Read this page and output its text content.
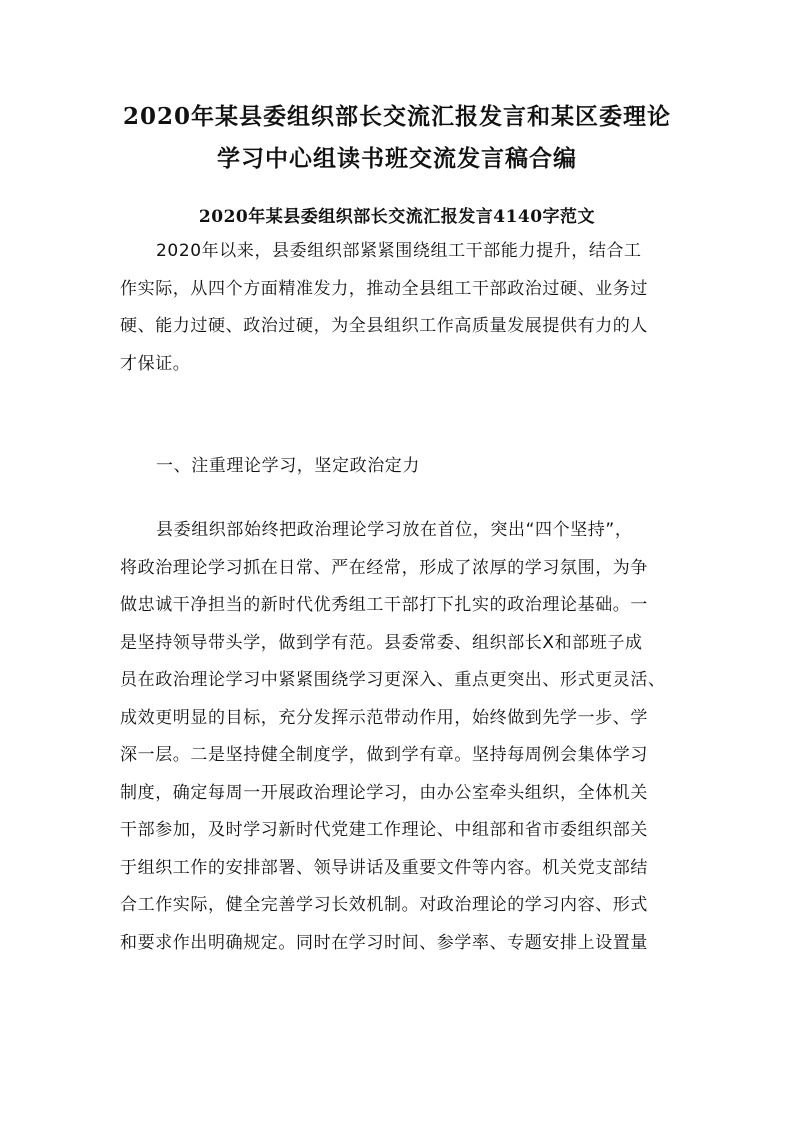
2020年某县委组织部长交流汇报发言和某区委理论
学习中心组读书班交流发言稿合编
2020年某县委组织部长交流汇报发言4140字范文
2020年以来，县委组织部紧紧围绕组工干部能力提升，结合工
作实际，从四个方面精准发力，推动全县组工干部政治过硬、业务过
硬、能力过硬、政治过硬，为全县组织工作高质量发展提供有力的人
才保证。
一、注重理论学习，坚定政治定力
县委组织部始终把政治理论学习放在首位，突出“四个坚持”，
将政治理论学习抓在日常、严在经常，形成了浓厚的学习氛围，为争
做忠诚干净担当的新时代优秀组工干部打下扎实的政治理论基础。一
是坚持领导带头学，做到学有范。县委常委、组织部长X和部班子成
员在政治理论学习中紧紧围绕学习更深入、重点更突出、形式更灵活、
成效更明显的目标，充分发挥示范带动作用，始终做到先学一步、学
深一层。二是坚持健全制度学，做到学有章。坚持每周例会集体学习
制度，确定每周一开展政治理论学习，由办公室牵头组织，全体机关
干部参加，及时学习新时代党建工作理论、中组部和省市委组织部关
于组织工作的安排部署、领导讲话及重要文件等内容。机关党支部结
合工作实际，健全完善学习长效机制。对政治理论的学习内容、形式
和要求作出明确规定。同时在学习时间、参学率、专题安排上设置量
